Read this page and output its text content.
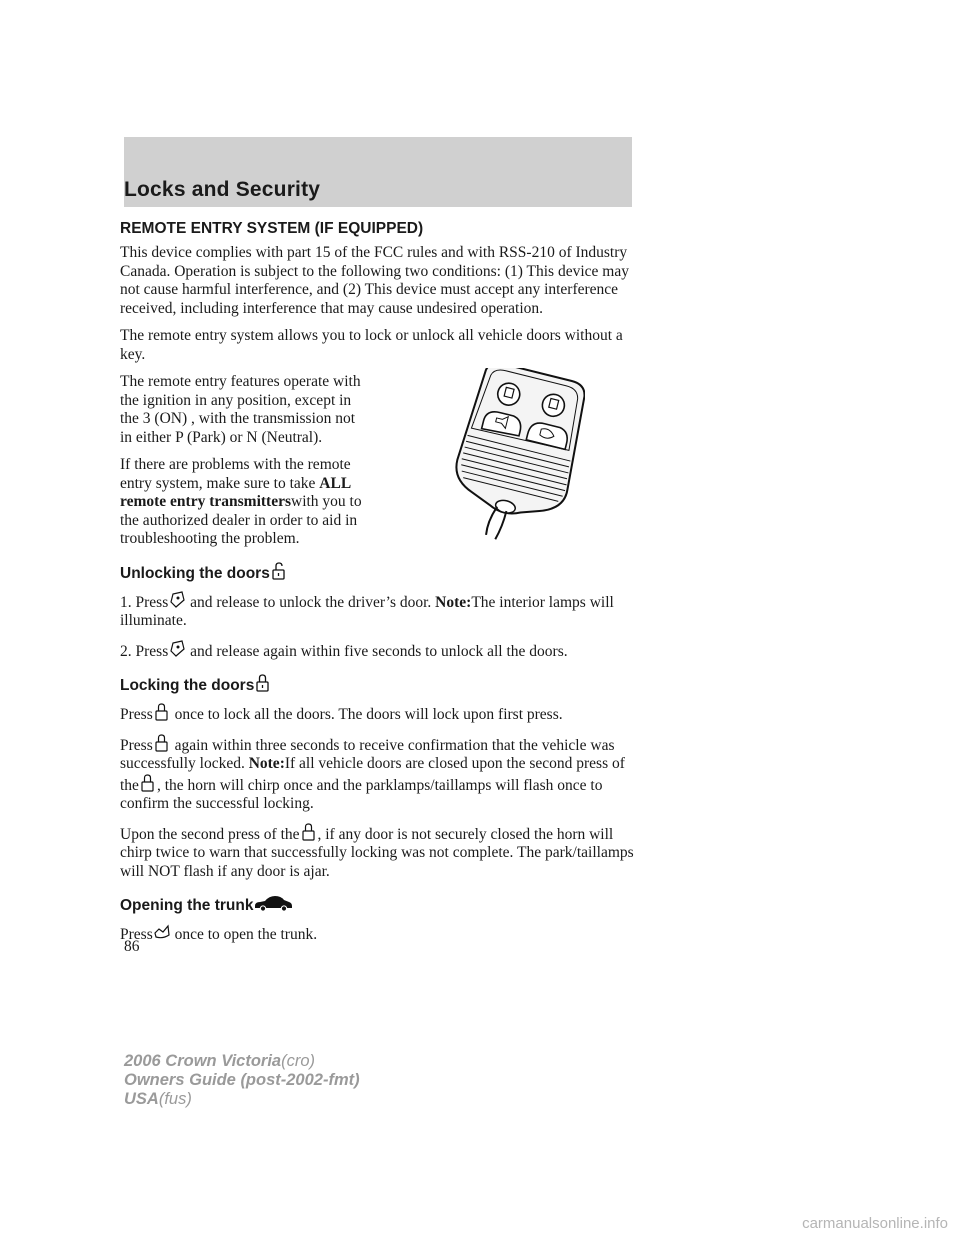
Locks and Security
REMOTE ENTRY SYSTEM (IF EQUIPPED)

This device complies with part 15 of the FCC rules and with RSS-210 of Industry Canada. Operation is subject to the following two conditions: (1) This device may not cause harmful interference, and (2) This device must accept any interference received, including interference that may cause undesired operation.

The remote entry system allows you to lock or unlock all vehicle doors without a key.

The remote entry features operate with the ignition in any position, except in the 3 (ON) , with the transmission not in either P (Park) or N (Neutral).

If there are problems with the remote entry system, make sure to take ALL remote entry transmitterswith you to the authorized dealer in order to aid in troubleshooting the problem.

Unlocking the doors

1. Press and release to unlock the driver’s door. Note:The interior lamps will illuminate.

2. Press and release again within five seconds to unlock all the doors.

Locking the doors

Press once to lock all the doors. The doors will lock upon first press.

Press again within three seconds to receive confirmation that the vehicle was successfully locked. Note:If all vehicle doors are closed upon the second press of the , the horn will chirp once and the parklamps/taillamps will flash once to confirm the successful locking.

Upon the second press of the , if any door is not securely closed the horn will chirp twice to warn that successfully locking was not complete. The park/taillamps will NOT flash if any door is ajar.

Opening the trunk

Press once to open the trunk.

86
2006 Crown Victoria(cro)
Owners Guide (post-2002-fmt)
USA(fus)
carmanualsonline.info
